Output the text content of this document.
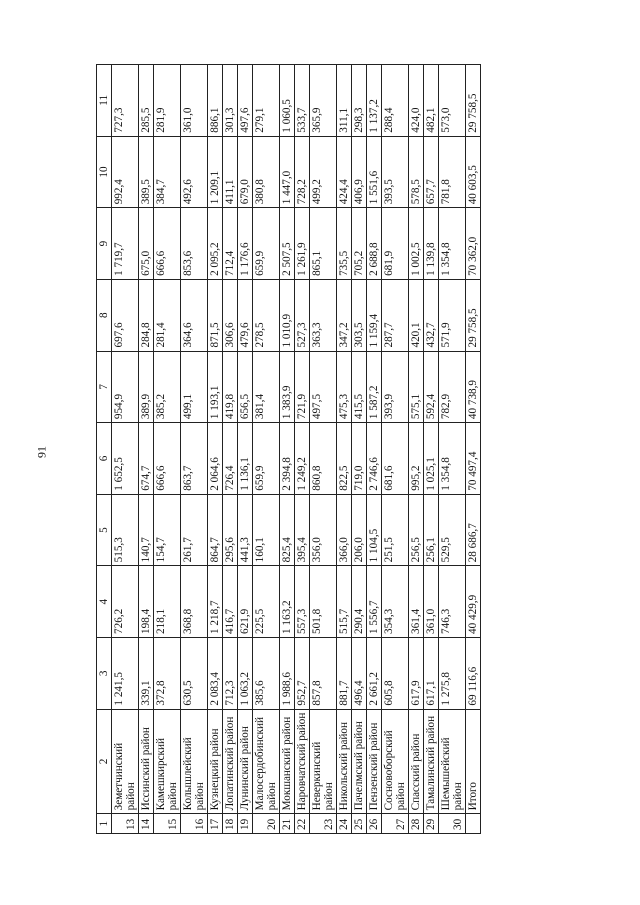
91
1	2	3	4	5	6	7	8	9	10	11
13	Земетчинский район	1 241,5	726,2	515,3	1 652,5	954,9	697,6	1 719,7	992,4	727,3
14	Иссинский район	339,1	198,4	140,7	674,7	389,9	284,8	675,0	389,5	285,5
15	Камешкирский район	372,8	218,1	154,7	666,6	385,2	281,4	666,6	384,7	281,9
16	Колышлейский район	630,5	368,8	261,7	863,7	499,1	364,6	853,6	492,6	361,0
17	Кузнецкий район	2 083,4	1 218,7	864,7	2 064,6	1 193,1	871,5	2 095,2	1 209,1	886,1
18	Лопатинский район	712,3	416,7	295,6	726,4	419,8	306,6	712,4	411,1	301,3
19	Лунинский район	1 063,2	621,9	441,3	1 136,1	656,5	479,6	1 176,6	679,0	497,6
20	Малосердобинский район	385,6	225,5	160,1	659,9	381,4	278,5	659,9	380,8	279,1
21	Мокшанский район	1 988,6	1 163,2	825,4	2 394,8	1 383,9	1 010,9	2 507,5	1 447,0	1 060,5
22	Наровчатский район	952,7	557,3	395,4	1 249,2	721,9	527,3	1 261,9	728,2	533,7
23	Неверкинский район	857,8	501,8	356,0	860,8	497,5	363,3	865,1	499,2	365,9
24	Никольский район	881,7	515,7	366,0	822,5	475,3	347,2	735,5	424,4	311,1
25	Пачелмский район	496,4	290,4	206,0	719,0	415,5	303,5	705,2	406,9	298,3
26	Пензенский район	2 661,2	1 556,7	1 104,5	2 746,6	1 587,2	1 159,4	2 688,8	1 551,6	1 137,2
27	Сосновоборский район	605,8	354,3	251,5	681,6	393,9	287,7	681,9	393,5	288,4
28	Спасский район	617,9	361,4	256,5	995,2	575,1	420,1	1 002,5	578,5	424,0
29	Тамалинский район	617,1	361,0	256,1	1 025,1	592,4	432,7	1 139,8	657,7	482,1
30	Шемышейский район	1 275,8	746,3	529,5	1 354,8	782,9	571,9	1 354,8	781,8	573,0
	Итого	69 116,6	40 429,9	28 686,7	70 497,4	40 738,9	29 758,5	70 362,0	40 603,5	29 758,5
